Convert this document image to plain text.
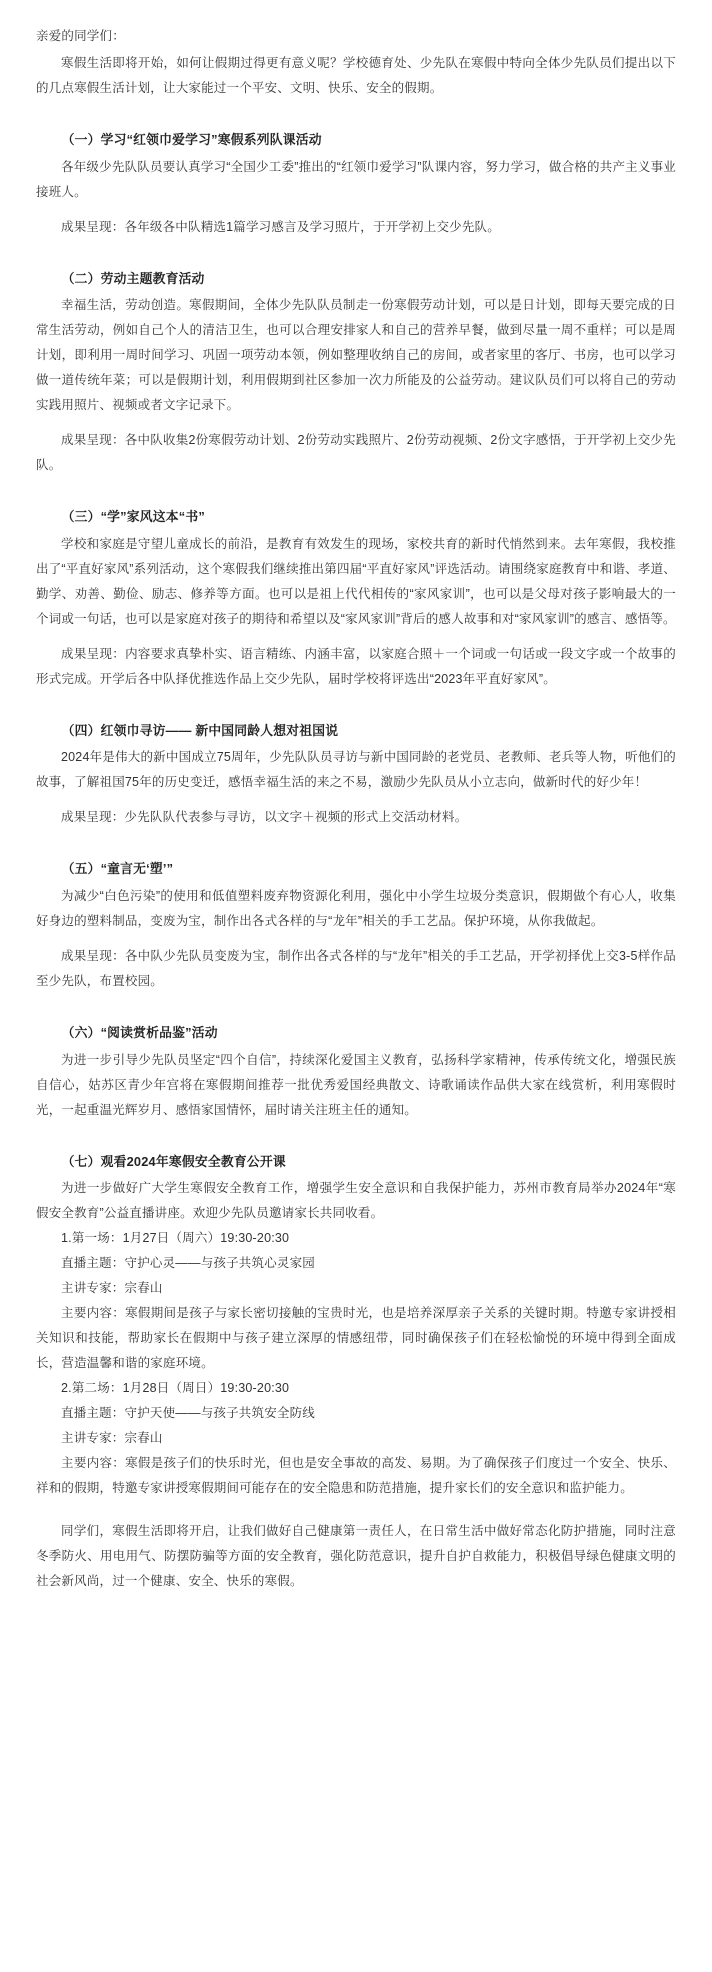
亲爱的同学们：

寒假生活即将开始，如何让假期过得更有意义呢？学校德育处、少先队在寒假中特向全体少先队员们提出以下的几点寒假生活计划，让大家能过一个平安、文明、快乐、安全的假期。

（一）学习“红领巾爱学习”寒假系列队课活动

各年级少先队队员要认真学习“全国少工委”推出的“红领巾爱学习”队课内容，努力学习，做合格的共产主义事业接班人。

成果呈现：各年级各中队精选1篇学习感言及学习照片，于开学初上交少先队。

（二）劳动主题教育活动

幸福生活，劳动创造。寒假期间，全体少先队队员制走一份寒假劳动计划，可以是日计划，即每天要完成的日常生活劳动，例如自己个人的清洁卫生，也可以合理安排家人和自己的营养早餐，做到尽量一周不重样；可以是周计划，即利用一周时间学习、巩固一项劳动本领，例如整理收纳自己的房间，或者家里的客厅、书房，也可以学习做一道传统年菜；可以是假期计划，利用假期到社区参加一次力所能及的公益劳动。建议队员们可以将自己的劳动实践用照片、视频或者文字记录下。

成果呈现：各中队收集2份寒假劳动计划、2份劳动实践照片、2份劳动视频、2份文字感悟，于开学初上交少先队。

（三）“学”家风这本“书”

学校和家庭是守望儿童成长的前沿，是教育有效发生的现场，家校共育的新时代悄然到来。去年寒假，我校推出了“平直好家风”系列活动，这个寒假我们继续推出第四届“平直好家风”评选活动。请围绕家庭教育中和谐、孝道、勤学、劝善、勤俭、励志、修养等方面。也可以是祖上代代相传的“家风家训”，也可以是父母对孩子影响最大的一个词或一句话，也可以是家庭对孩子的期待和希望以及“家风家训”背后的感人故事和对“家风家训”的感言、感悟等。

成果呈现：内容要求真挚朴实、语言精练、内涵丰富，以家庭合照＋一个词或一句话或一段文字或一个故事的形式完成。开学后各中队择优推选作品上交少先队，届时学校将评选出“2023年平直好家风”。

（四）红领巾寻访—— 新中国同龄人想对祖国说

2024年是伟大的新中国成立75周年，少先队队员寻访与新中国同龄的老党员、老教师、老兵等人物，听他们的故事，了解祖国75年的历史变迁，感悟幸福生活的来之不易，激励少先队员从小立志向，做新时代的好少年！

成果呈现：少先队队代表参与寻访，以文字＋视频的形式上交活动材料。

（五）“童言无‘塑’”

为减少“白色污染”的使用和低值塑料废弃物资源化利用，强化中小学生垃圾分类意识，假期做个有心人，收集好身边的塑料制品，变废为宝，制作出各式各样的与“龙年”相关的手工艺品。保护环境，从你我做起。

成果呈现：各中队少先队员变废为宝，制作出各式各样的与“龙年”相关的手工艺品，开学初择优上交3-5样作品至少先队，布置校园。

（六）“阅读赏析品鉴”活动

为进一步引导少先队员坚定“四个自信”，持续深化爱国主义教育，弘扬科学家精神，传承传统文化，增强民族自信心，姑苏区青少年宫将在寒假期间推荐一批优秀爱国经典散文、诗歌诵读作品供大家在线赏析，利用寒假时光，一起重温光辉岁月、感悟家国情怀，届时请关注班主任的通知。

（七）观看2024年寒假安全教育公开课

为进一步做好广大学生寒假安全教育工作，增强学生安全意识和自我保护能力，苏州市教育局举办2024年“寒假安全教育”公益直播讲座。欢迎少先队员邀请家长共同收看。

1.第一场：1月27日（周六）19:30-20:30

直播主题：守护心灵——与孩子共筑心灵家园

主讲专家：宗春山

主要内容：寒假期间是孩子与家长密切接触的宝贵时光，也是培养深厚亲子关系的关键时期。特邀专家讲授相关知识和技能，帮助家长在假期中与孩子建立深厚的情感纽带，同时确保孩子们在轻松愉悦的环境中得到全面成长，营造温馨和谐的家庭环境。

2.第二场：1月28日（周日）19:30-20:30

直播主题：守护天使——与孩子共筑安全防线

主讲专家：宗春山

主要内容：寒假是孩子们的快乐时光，但也是安全事故的高发、易期。为了确保孩子们度过一个安全、快乐、祥和的假期，特邀专家讲授寒假期间可能存在的安全隐患和防范措施，提升家长们的安全意识和监护能力。

同学们，寒假生活即将开启，让我们做好自己健康第一责任人，在日常生活中做好常态化防护措施，同时注意冬季防火、用电用气、防摆防骗等方面的安全教育，强化防范意识，提升自护自救能力，积极倡导绿色健康文明的社会新风尚，过一个健康、安全、快乐的寒假。
